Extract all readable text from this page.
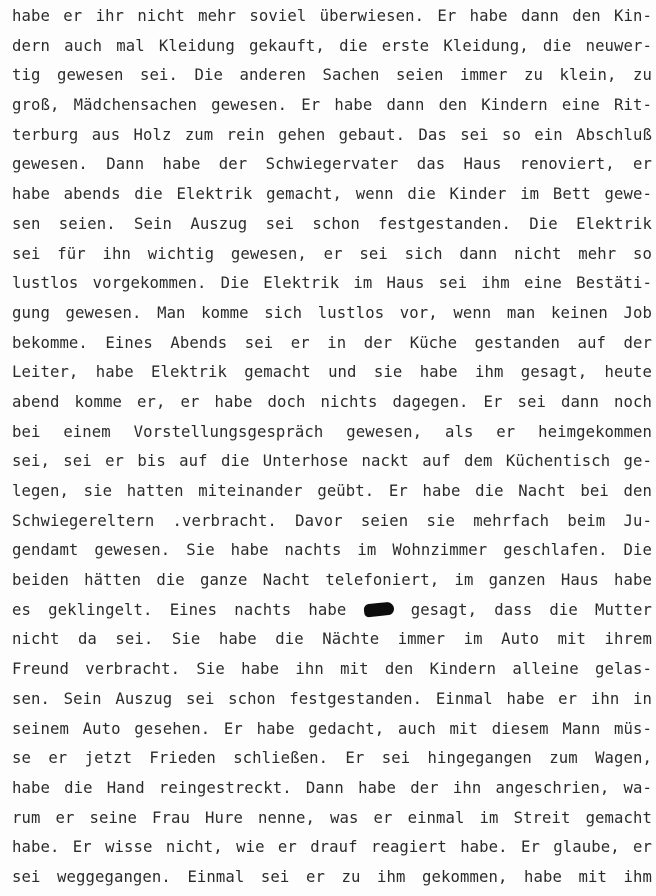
habe er ihr nicht mehr soviel überwiesen. Er habe dann den Kin-
dern auch mal Kleidung gekauft, die erste Kleidung, die neuwer-
tig gewesen sei. Die anderen Sachen seien immer zu klein, zu
groß, Mädchensachen gewesen. Er habe dann den Kindern eine Rit-
terburg aus Holz zum rein gehen gebaut. Das sei so ein Abschluß
gewesen. Dann habe der Schwiegervater das Haus renoviert, er
habe abends die Elektrik gemacht, wenn die Kinder im Bett gewe-
sen seien. Sein Auszug sei schon festgestanden. Die Elektrik
sei für ihn wichtig gewesen, er sei sich dann nicht mehr so
lustlos vorgekommen. Die Elektrik im Haus sei ihm eine Bestäti-
gung gewesen. Man komme sich lustlos vor, wenn man keinen Job
bekomme. Eines Abends sei er in der Küche gestanden auf der
Leiter, habe Elektrik gemacht und sie habe ihm gesagt, heute
abend komme er, er habe doch nichts dagegen. Er sei dann noch
bei einem Vorstellungsgespräch gewesen, als er heimgekommen
sei, sei er bis auf die Unterhose nackt auf dem Küchentisch ge-
legen, sie hatten miteinander geübt. Er habe die Nacht bei den
Schwiegereltern .verbracht. Davor seien sie mehrfach beim Ju-
gendamt gewesen. Sie habe nachts im Wohnzimmer geschlafen. Die
beiden hätten die ganze Nacht telefoniert, im ganzen Haus habe
es geklingelt. Eines nachts habe	gesagt, dass die Mutter
nicht da sei. Sie habe die Nächte immer im Auto mit ihrem
Freund verbracht. Sie habe ihn mit den Kindern alleine gelas-
sen. Sein Auszug sei schon festgestanden. Einmal habe er ihn in
seinem Auto gesehen. Er habe gedacht, auch mit diesem Mann müs-
se er jetzt Frieden schließen. Er sei hingegangen zum Wagen,
habe die Hand reingestreckt. Dann habe der ihn angeschrien, wa-
rum er seine Frau Hure nenne, was er einmal im Streit gemacht
habe. Er wisse nicht, wie er drauf reagiert habe. Er glaube, er
sei weggegangen. Einmal sei er zu ihm gekommen, habe mit ihm
